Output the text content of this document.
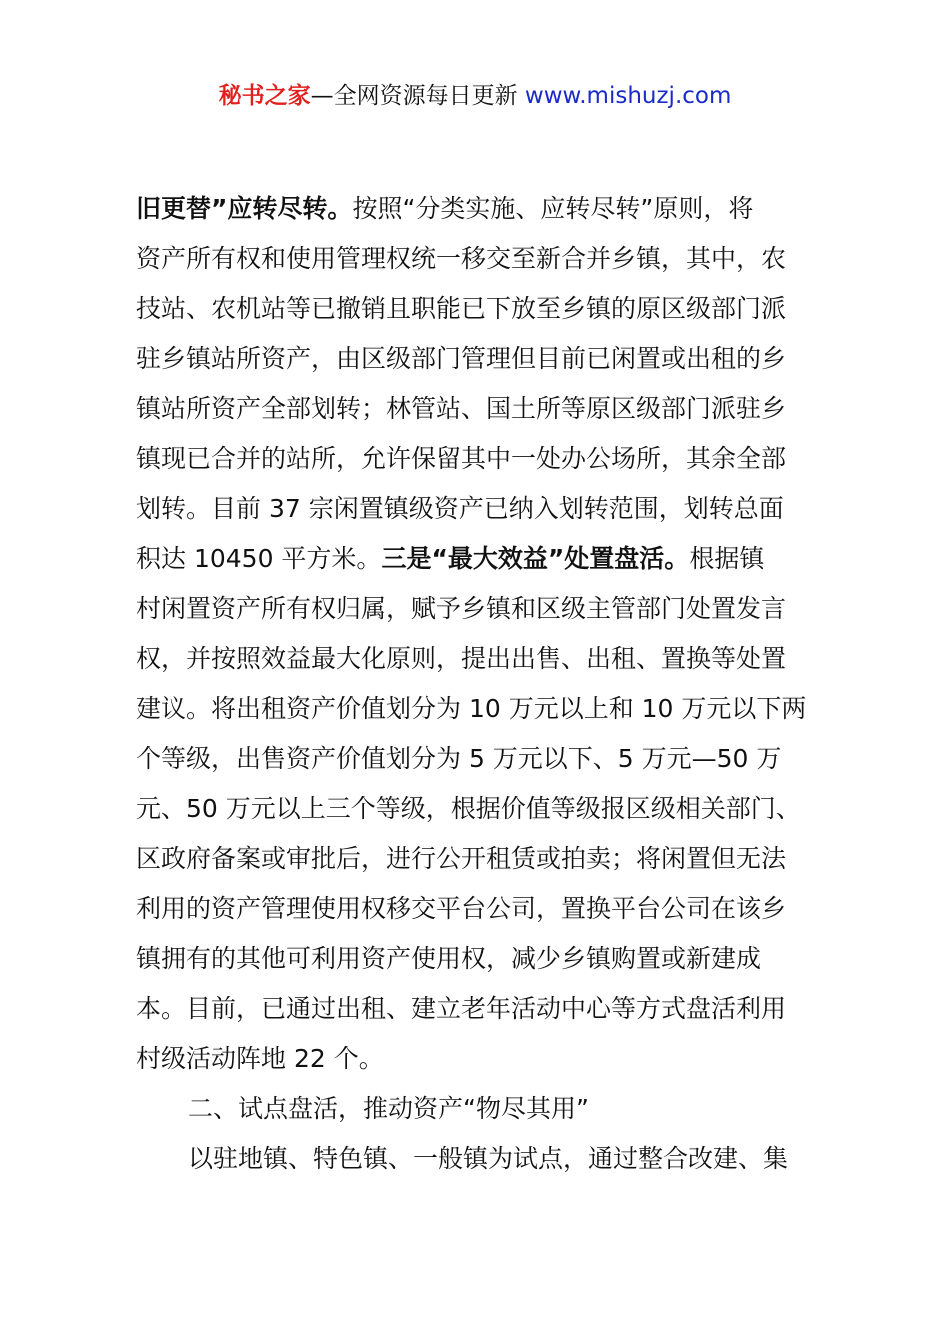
秘书之家—全网资源每日更新 www.mishuzj.com
旧更替”应转尽转。按照“分类实施、应转尽转”原则，将
资产所有权和使用管理权统一移交至新合并乡镇，其中，农
技站、农机站等已撤销且职能已下放至乡镇的原区级部门派
驻乡镇站所资产，由区级部门管理但目前已闲置或出租的乡
镇站所资产全部划转；林管站、国土所等原区级部门派驻乡
镇现已合并的站所，允许保留其中一处办公场所，其余全部
划转。目前 37 宗闲置镇级资产已纳入划转范围，划转总面
积达 10450 平方米。三是“最大效益”处置盘活。根据镇
村闲置资产所有权归属，赋予乡镇和区级主管部门处置发言
权，并按照效益最大化原则，提出出售、出租、置换等处置
建议。将出租资产价值划分为 10 万元以上和 10 万元以下两
个等级，出售资产价值划分为 5 万元以下、5 万元—50 万
元、50 万元以上三个等级，根据价值等级报区级相关部门、
区政府备案或审批后，进行公开租赁或拍卖；将闲置但无法
利用的资产管理使用权移交平台公司，置换平台公司在该乡
镇拥有的其他可利用资产使用权，减少乡镇购置或新建成
本。目前，已通过出租、建立老年活动中心等方式盘活利用
村级活动阵地 22 个。
二、试点盘活，推动资产“物尽其用”
以驻地镇、特色镇、一般镇为试点，通过整合改建、集
